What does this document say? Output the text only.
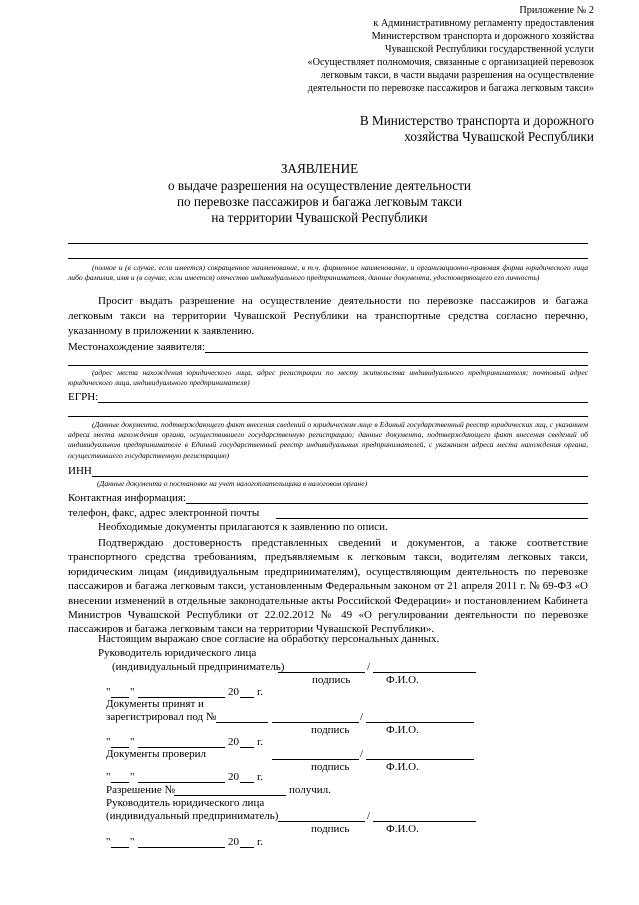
Приложение № 2
к Административному регламенту предоставления
Министерством транспорта и дорожного хозяйства
Чувашской Республики государственной услуги
«Осуществляет полномочия, связанные с организацией перевозок
легковым такси, в части выдачи разрешения на осуществление
деятельности по перевозке пассажиров и багажа легковым такси»
В Министерство транспорта и дорожного
хозяйства Чувашской Республики
ЗАЯВЛЕНИЕ
о выдаче разрешения на осуществление деятельности
по перевозке пассажиров и багажа легковым такси
на территории Чувашской Республики
(полное и (в случае, если имеется) сокращенное наименование, в т.ч. фирменное наименование, и организационно-правовая форма юридического лица либо фамилия, имя и (в случае, если имеется) отчество индивидуального предпринимателя, данные документа, удостоверяющего его личность)
Просит выдать разрешение на осуществление деятельности по перевозке пассажиров и багажа легковым такси на территории Чувашской Республики на транспортные средства согласно перечню, указанному в приложении к заявлению.
Местонахождение заявителя:
(адрес места нахождения юридического лица, адрес регистрации по месту жительства индивидуального предпринимателя; почтовый адрес юридического лица, индивидуального предпринимателя)
ЕГРН:
(Данные документа, подтверждающего факт внесения сведений о юридическом лице в Единый государственный реестр юридических лиц, с указанием адреса места нахождения органа, осуществившего государственную регистрацию; данные документа, подтверждающего факт внесения сведений об индивидуальном предпринимателе в Единый государственный реестр индивидуальных предпринимателей, с указанием адреса места нахождения органа, осуществившего государственную регистрацию)
ИНН
(Данные документа о постановке на учет налогоплательщика в налоговом органе)
Контактная информация:
телефон, факс, адрес электронной почты
Необходимые документы прилагаются к заявлению по описи.
Подтверждаю достоверность представленных сведений и документов, а также соответствие транспортного средства требованиям, предъявляемым к легковым такси, водителям легковых такси, юридическим лицам (индивидуальным предпринимателям), осуществляющим деятельность по перевозке пассажиров и багажа легковым такси, установленным Федеральным законом от 21 апреля 2011 г. № 69-ФЗ «О внесении изменений в отдельные законодательные акты Российской Федерации» и постановлением Кабинета Министров Чувашской Республики от 22.02.2012 № 49 «О регулировании деятельности по перевозке пассажиров и багажа легковым такси на территории Чувашской Республики».
Настоящим выражаю свое согласие на обработку персональных данных.
Руководитель юридического лица
(индивидуальный предприниматель)	/
подпись	Ф.И.О.
" "	20 г.
Документы принят и
зарегистрировал под №	/
подпись	Ф.И.О.
" "	20 г.
Документы проверил	/
подпись	Ф.И.О.
" "	20 г.
Разрешение №	получил.
Руководитель юридического лица
(индивидуальный предприниматель)	/
подпись	Ф.И.О.
" "	20 г.
